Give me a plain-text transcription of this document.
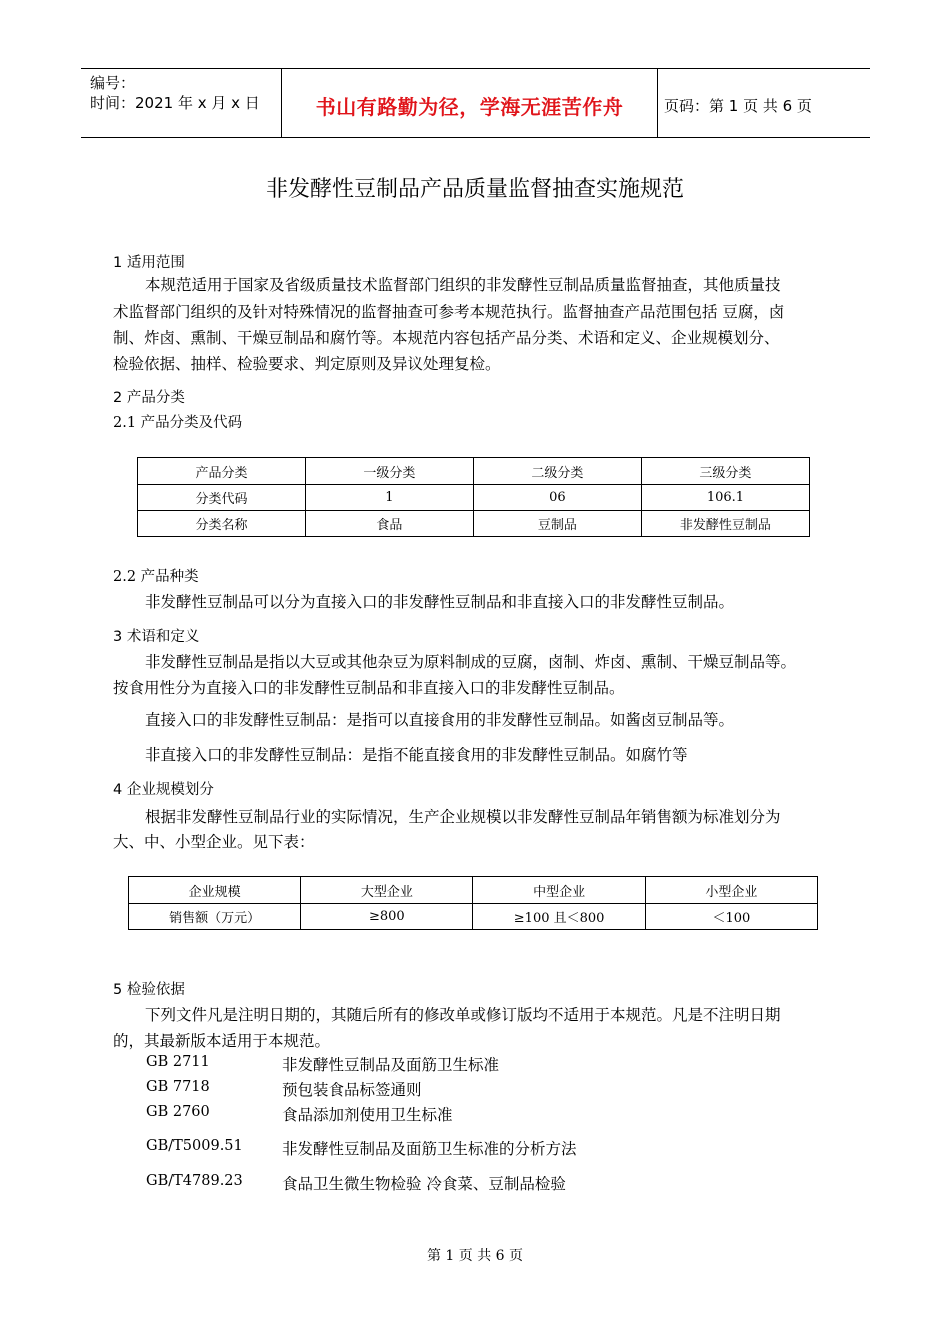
编号：
时间：2021 年 x 月 x 日	书山有路勤为径，学海无涯苦作舟	页码：第 1 页 共 6 页
非发酵性豆制品产品质量监督抽查实施规范
1 适用范围
本规范适用于国家及省级质量技术监督部门组织的非发酵性豆制品质量监督抽查，其他质量技
术监督部门组织的及针对特殊情况的监督抽查可参考本规范执行。监督抽查产品范围包括 豆腐，卤
制、炸卤、熏制、干燥豆制品和腐竹等。本规范内容包括产品分类、术语和定义、企业规模划分、
检验依据、抽样、检验要求、判定原则及异议处理复检。
2 产品分类
2.1 产品分类及代码
产品分类	一级分类	二级分类	三级分类
分类代码	1	06	106.1
分类名称	食品	豆制品	非发酵性豆制品
2.2 产品种类
非发酵性豆制品可以分为直接入口的非发酵性豆制品和非直接入口的非发酵性豆制品。
3 术语和定义
非发酵性豆制品是指以大豆或其他杂豆为原料制成的豆腐，卤制、炸卤、熏制、干燥豆制品等。
按食用性分为直接入口的非发酵性豆制品和非直接入口的非发酵性豆制品。
直接入口的非发酵性豆制品：是指可以直接食用的非发酵性豆制品。如酱卤豆制品等。
非直接入口的非发酵性豆制品：是指不能直接食用的非发酵性豆制品。如腐竹等
4 企业规模划分
根据非发酵性豆制品行业的实际情况，生产企业规模以非发酵性豆制品年销售额为标准划分为
大、中、小型企业。见下表：
企业规模	大型企业	中型企业	小型企业
销售额（万元）	≥800	≥100 且＜800	＜100
5 检验依据
下列文件凡是注明日期的，其随后所有的修改单或修订版均不适用于本规范。凡是不注明日期
的，其最新版本适用于本规范。
GB 2711	非发酵性豆制品及面筋卫生标准
GB 7718	预包装食品标签通则
GB 2760	食品添加剂使用卫生标准
GB/T5009.51	非发酵性豆制品及面筋卫生标准的分析方法
GB/T4789.23	食品卫生微生物检验 冷食菜、豆制品检验
第 1 页 共 6 页
